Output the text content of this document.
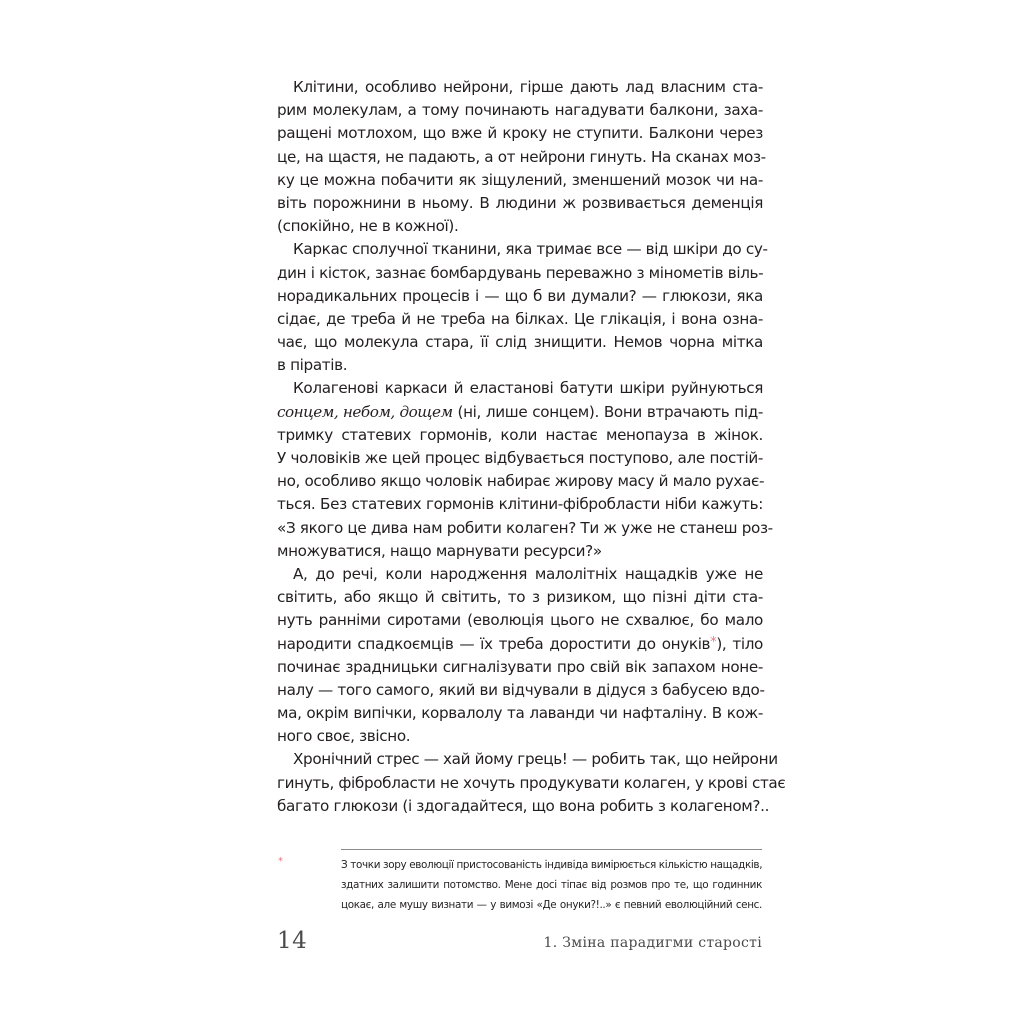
Клітини, особливо нейрони, гірше дають лад власним ста-
рим молекулам, а тому починають нагадувати балкони, заха-
ращені мотлохом, що вже й кроку не ступити. Балкони через
це, на щастя, не падають, а от нейрони гинуть. На сканах моз-
ку це можна побачити як зіщулений, зменшений мозок чи на-
віть порожнини в ньому. В людини ж розвивається деменція
(спокійно, не в кожної).
Каркас сполучної тканини, яка тримає все — від шкіри до су-
дин і кісток, зазнає бомбардувань переважно з мінометів віль-
норадикальних процесів і — що б ви думали? — глюкози, яка
сідає, де треба й не треба на білках. Це глікація, і вона озна-
чає, що молекула стара, її слід знищити. Немов чорна мітка
в піратів.
Колагенові каркаси й еластанові батути шкіри руйнуються
сонцем, небом, дощем (ні, лише сонцем). Вони втрачають під-
тримку статевих гормонів, коли настає менопауза в жінок.
У чоловіків же цей процес відбувається поступово, але постій-
но, особливо якщо чоловік набирає жирову масу й мало рухає-
ться. Без статевих гормонів клітини-фібробласти ніби кажуть:
«З якого це дива нам робити колаген? Ти ж уже не станеш роз-
множуватися, нащо марнувати ресурси?»
А, до речі, коли народження малолітніх нащадків уже не
світить, або якщо й світить, то з ризиком, що пізні діти ста-
нуть ранніми сиротами (еволюція цього не схвалює, бо мало
народити спадкоємців — їх треба доростити до онуків*), тіло
починає зрадницьки сигналізувати про свій вік запахом ноне-
налу — того самого, який ви відчували в дідуся з бабусею вдо-
ма, окрім випічки, корвалолу та лаванди чи нафталіну. В кож-
ного своє, звісно.
Хронічний стрес — хай йому грець! — робить так, що нейрони
гинуть, фібробласти не хочуть продукувати колаген, у крові стає
багато глюкози (і здогадайтеся, що вона робить з колагеном?..
*	З точки зору еволюції пристосованість індивіда вимірюється кількістю нащадків,
здатних залишити потомство. Мене досі тіпає від розмов про те, що годинник
цокає, але мушу визнати — у вимозі «Де онуки?!..» є певний еволюційний сенс.
14	1. Зміна парадигми старості
